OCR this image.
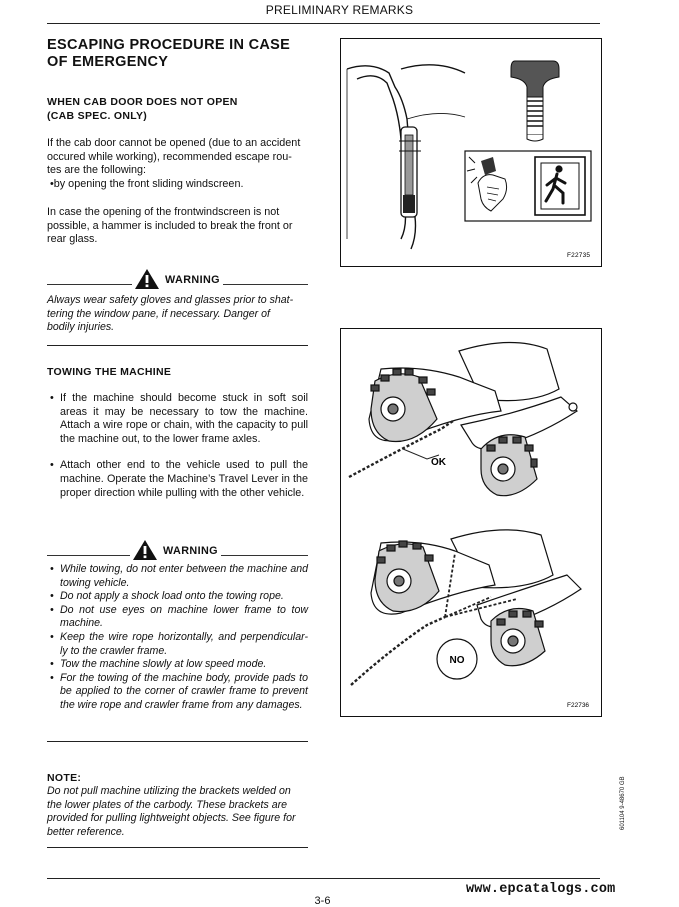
PRELIMINARY REMARKS
ESCAPING PROCEDURE IN CASE
OF EMERGENCY
WHEN CAB DOOR DOES NOT OPEN
(CAB SPEC. ONLY)
If the cab door cannot be opened (due to an accident
occured while working), recommended escape rou-
tes are the following:
•by opening the front sliding windscreen.
In case the opening of the frontwindscreen is not
possible, a hammer is included to break the front or
rear glass.
WARNING
Always wear safety gloves and glasses prior to shat-
tering the window pane, if necessary. Danger of
bodily injuries.
TOWING THE MACHINE
• If the machine should become stuck in soft soil areas it may be necessary to tow the machine. Attach a wire rope or chain, with the capacity to pull the machine out, to the lower frame axles.
• Attach other end to the vehicle used to pull the machine. Operate the Machine’s Travel Lever in the proper direction while pulling with the other vehicle.
WARNING
• While towing, do not enter between the machine and towing vehicle.
• Do not apply a shock load onto the towing rope.
• Do not use eyes on machine lower frame to tow machine.
• Keep the wire rope horizontally, and perpendicular- ly to the crawler frame.
• Tow the machine slowly at low speed mode.
• For the towing of the machine body, provide pads to be applied to the corner of crawler frame to prevent the wire rope and crawler frame from any damages.
NOTE:
Do not pull machine utilizing the brackets welded on
the lower plates of the carbody. These brackets are
provided for pulling lightweight objects. See figure for
better reference.
F22735
OK
NO
F22736
601104 9-48670 GB
3-6
www.epcatalogs.com
